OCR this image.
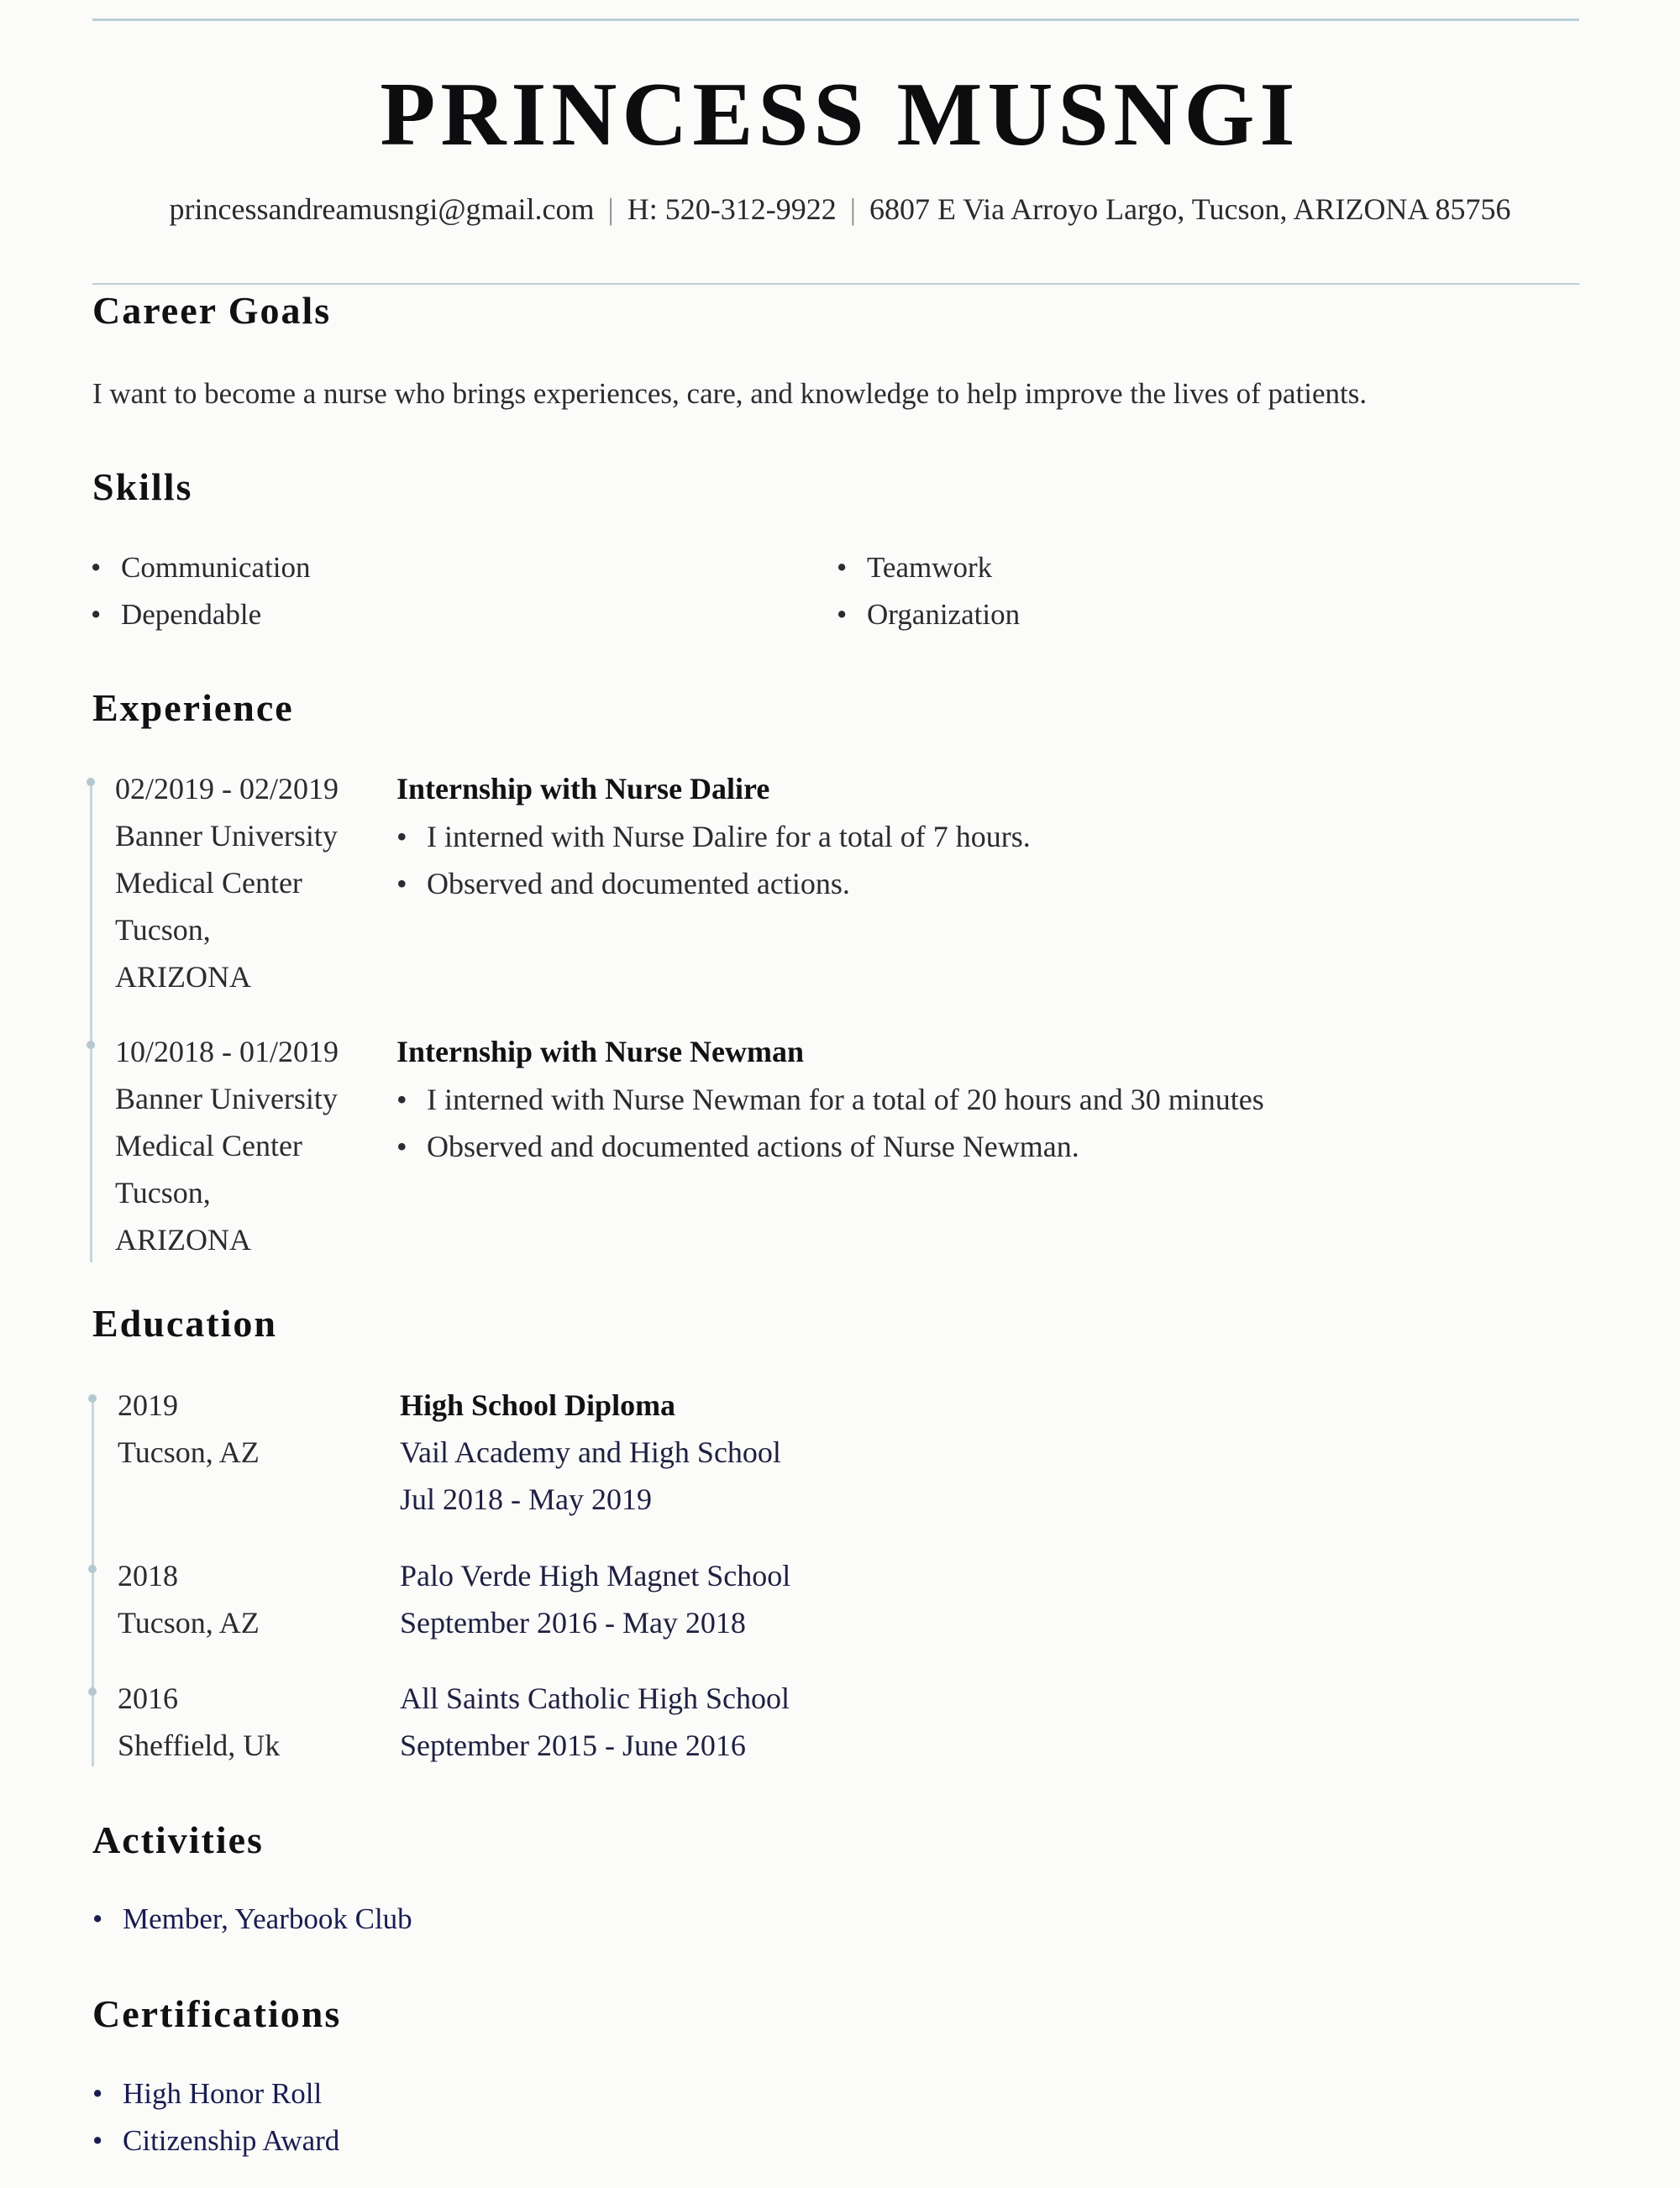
PRINCESS MUSNGI
princessandreamusngi@gmail.com | H: 520-312-9922 | 6807 E Via Arroyo Largo, Tucson, ARIZONA 85756
Career Goals

I want to become a nurse who brings experiences, care, and knowledge to help improve the lives of patients.

Skills
• Communication
• Dependable
• Teamwork
• Organization
Experience
02/2019 - 02/2019
Banner University
Medical Center
Tucson,
ARIZONA
Internship with Nurse Dalire
• I interned with Nurse Dalire for a total of 7 hours.
• Observed and documented actions.
10/2018 - 01/2019
Banner University
Medical Center
Tucson,
ARIZONA
Internship with Nurse Newman
• I interned with Nurse Newman for a total of 20 hours and 30 minutes
• Observed and documented actions of Nurse Newman.
Education
2019
Tucson, AZ
High School Diploma
Vail Academy and High School
Jul 2018 - May 2019
2018
Tucson, AZ
Palo Verde High Magnet School
September 2016 - May 2018
2016
Sheffield, Uk
All Saints Catholic High School
September 2015 - June 2016
Activities
• Member, Yearbook Club
Certifications
• High Honor Roll
• Citizenship Award
